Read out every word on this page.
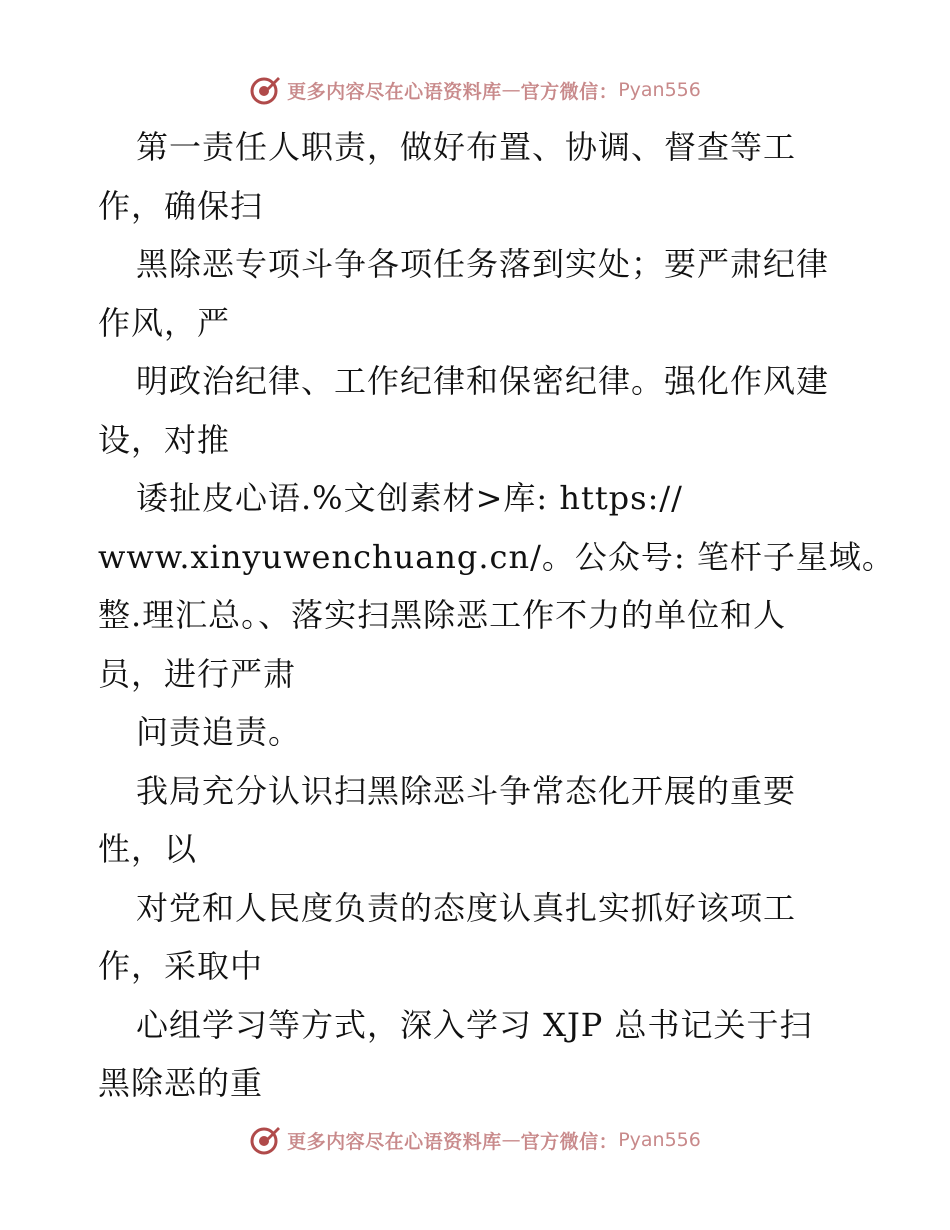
更多内容尽在心语资料库 — 官方微信： Pyan556
第一责任人职责，做好布置、协调、督查等工
作，确保扫
黑除恶专项斗争各项任务落到实处；要严肃纪律
作风，严
明政治纪律、工作纪律和保密纪律。强化作风建
设，对推
诿扯皮心语.%文创素材>库: https://
www.xinyuwenchuang.cn/。公众号: 笔杆子星域。
整.理汇总。、落实扫黑除恶工作不力的单位和人
员，进行严肃
问责追责。
我局充分认识扫黑除恶斗争常态化开展的重要
性，以
对党和人民度负责的态度认真扎实抓好该项工
作，采取中
心组学习等方式，深入学习 XJP 总书记关于扫
黑除恶的重
更多内容尽在心语资料库 — 官方微信： Pyan556
